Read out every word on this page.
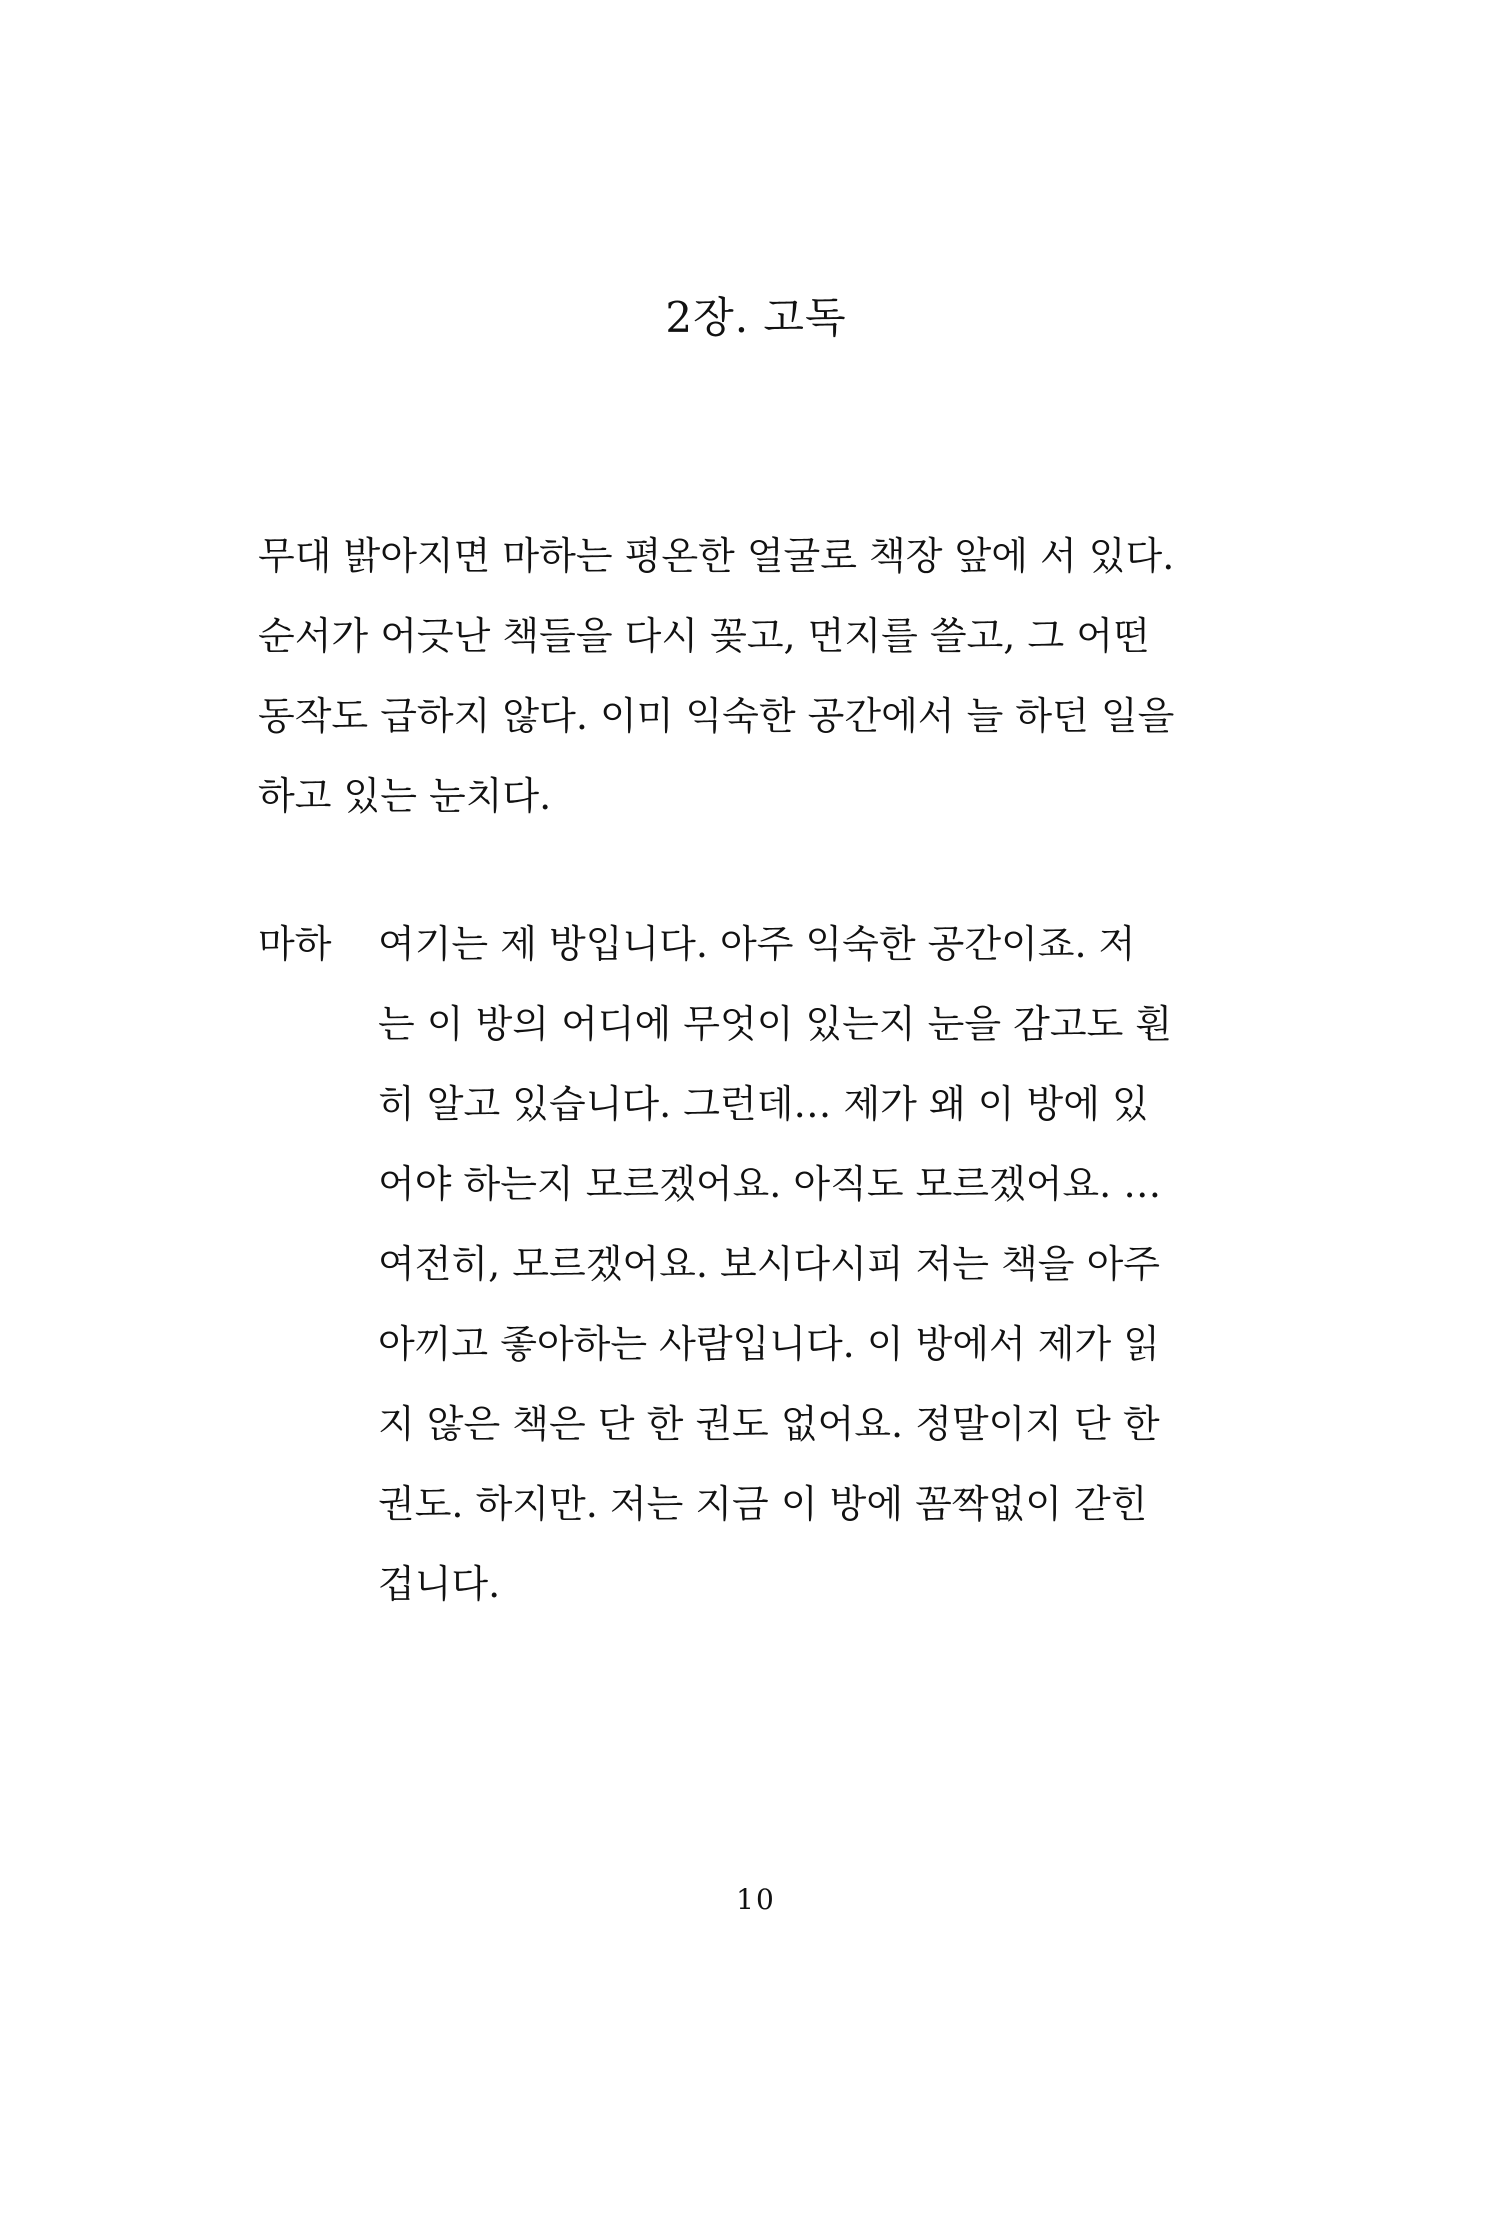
2장. 고독
무대 밝아지면 마하는 평온한 얼굴로 책장 앞에 서 있다.
순서가 어긋난 책들을 다시 꽂고, 먼지를 쓸고, 그 어떤
동작도 급하지 않다. 이미 익숙한 공간에서 늘 하던 일을
하고 있는 눈치다.
마하 여기는 제 방입니다. 아주 익숙한 공간이죠. 저
는 이 방의 어디에 무엇이 있는지 눈을 감고도 훤
히 알고 있습니다. 그런데… 제가 왜 이 방에 있
어야 하는지 모르겠어요. 아직도 모르겠어요. …
여전히, 모르겠어요. 보시다시피 저는 책을 아주
아끼고 좋아하는 사람입니다. 이 방에서 제가 읽
지 않은 책은 단 한 권도 없어요. 정말이지 단 한
권도. 하지만. 저는 지금 이 방에 꼼짝없이 갇힌
겁니다.
10
